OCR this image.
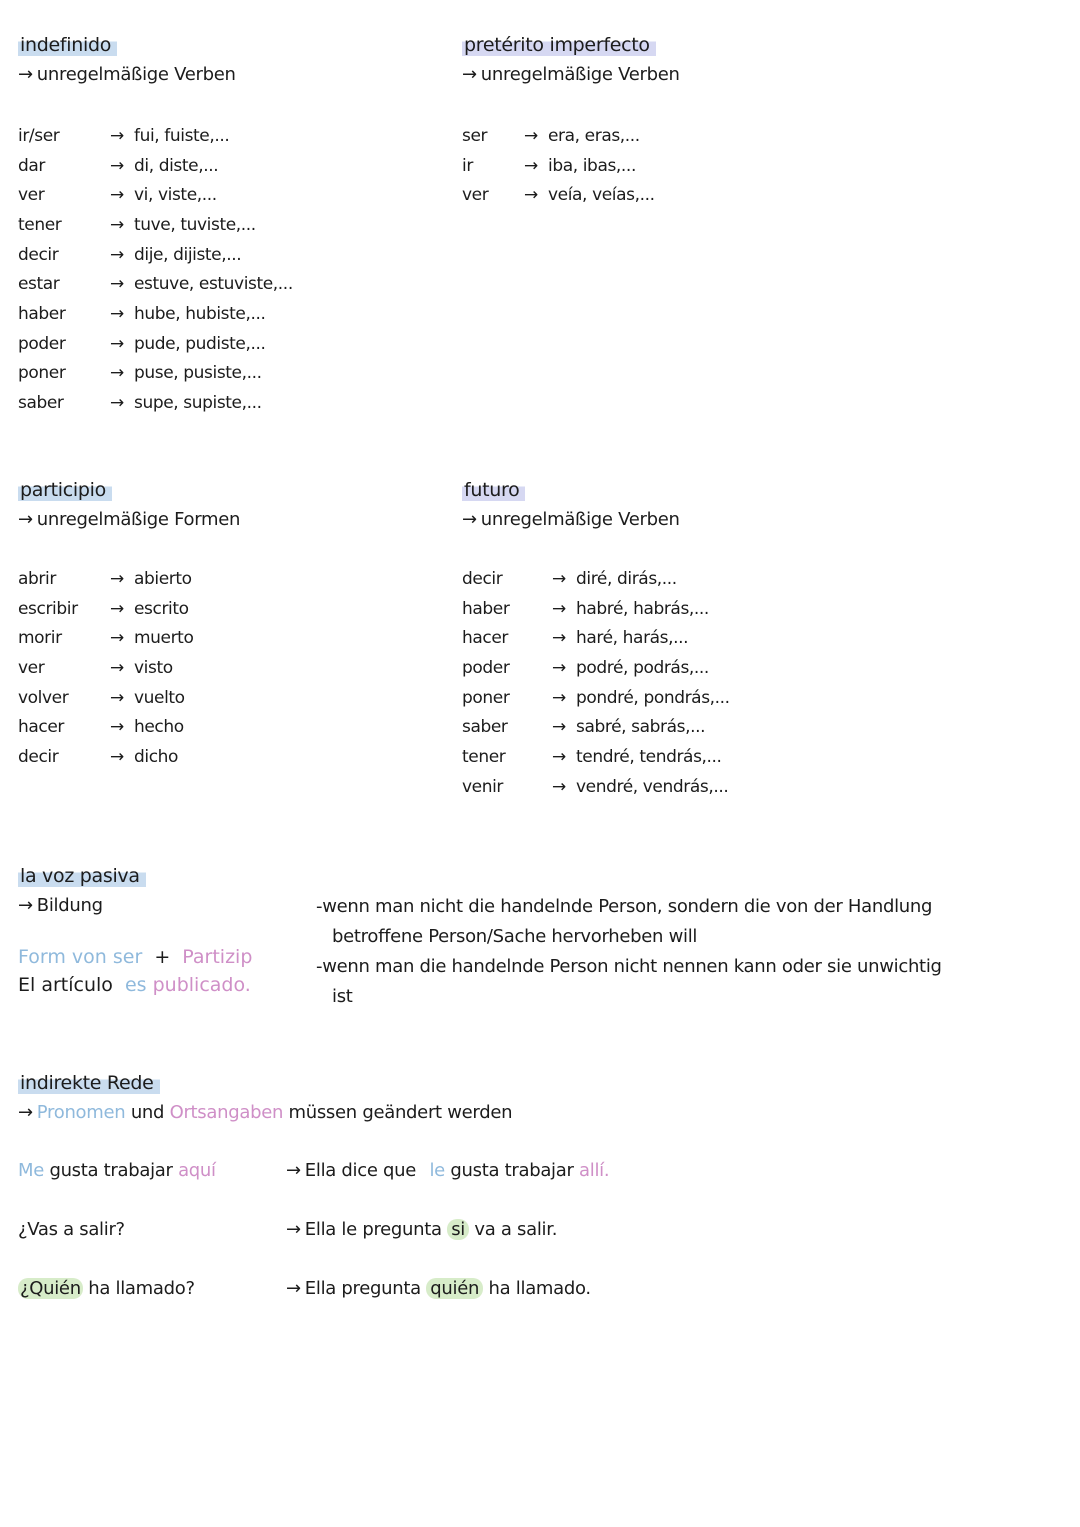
indefinido
→ unregelmäßige Verben
ir/ser	→ fui, fuiste,...
dar	→ di, diste,...
ver	→ vi, viste,...
tener	→ tuve, tuviste,...
decir	→ dije, dijiste,...
estar	→ estuve, estuviste,...
haber	→ hube, hubiste,...
poder	→ pude, pudiste,...
poner	→ puse, pusiste,...
saber	→ supe, supiste,...
pretérito imperfecto
→ unregelmäßige Verben
ser	→ era, eras,...
ir	→ iba, ibas,...
ver	→ veía, veías,...
participio
→ unregelmäßige Formen
abrir	→ abierto
escribir	→ escrito
morir	→ muerto
ver	→ visto
volver	→ vuelto
hacer	→ hecho
decir	→ dicho
futuro
→ unregelmäßige Verben
decir	→ diré, dirás,...
haber	→ habré, habrás,...
hacer	→ haré, harás,...
poder	→ podré, podrás,...
poner	→ pondré, pondrás,...
saber	→ sabré, sabrás,...
tener	→ tendré, tendrás,...
venir	→ vendré, vendrás,...
la voz pasiva
→ Bildung
Form von ser + Partizip
El artículo es publicado.
-wenn man nicht die handelnde Person, sondern die von der Handlung
betroffene Person/Sache hervorheben will
-wenn man die handelnde Person nicht nennen kann oder sie unwichtig
ist
indirekte Rede
→ Pronomen und Ortsangaben müssen geändert werden
Me gusta trabajar aquí	→ Ella dice que le gusta trabajar allí.
¿Vas a salir?	→ Ella le pregunta si va a salir.
¿Quién ha llamado?	→ Ella pregunta quién ha llamado.
